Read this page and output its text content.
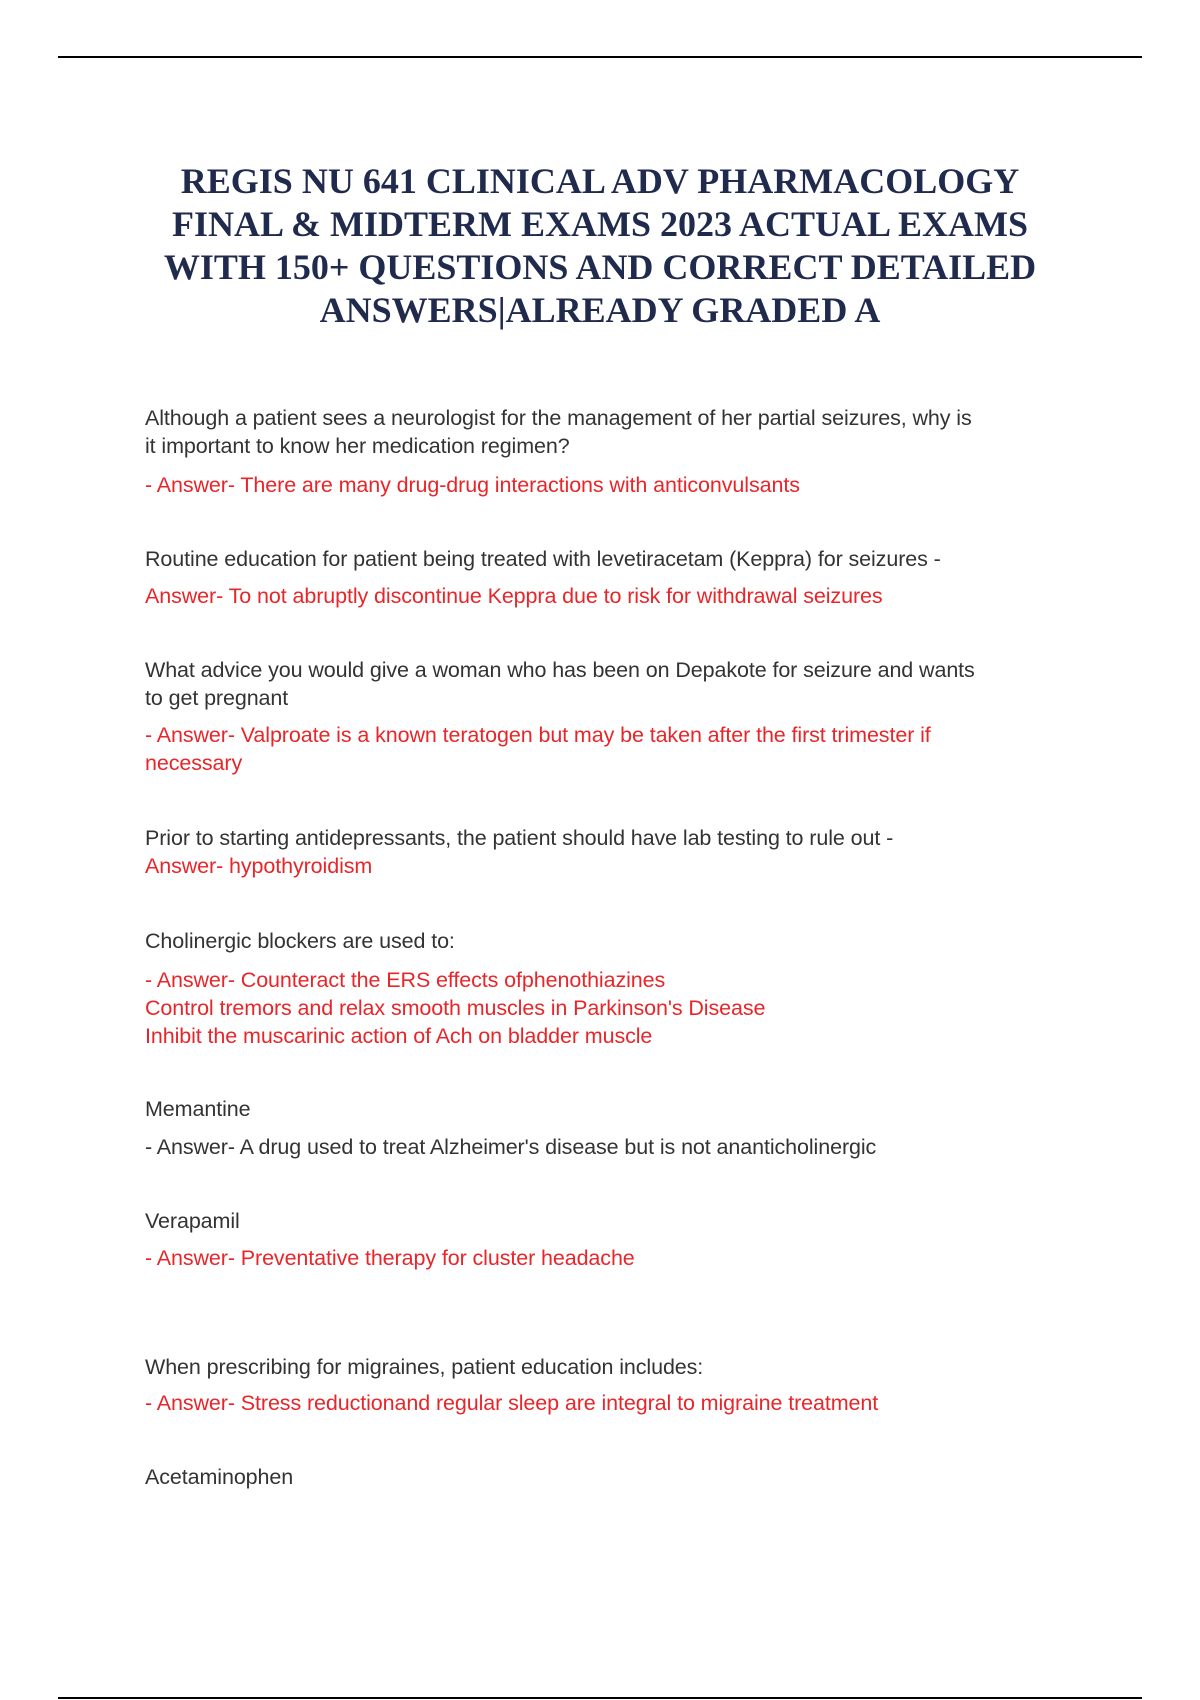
REGIS NU 641 CLINICAL ADV PHARMACOLOGY
FINAL & MIDTERM EXAMS 2023 ACTUAL EXAMS
WITH 150+ QUESTIONS AND CORRECT DETAILED
ANSWERS|ALREADY GRADED A
Although a patient sees a neurologist for the management of her partial seizures, why is
it important to know her medication regimen?
- Answer- There are many drug-drug interactions with anticonvulsants
Routine education for patient being treated with levetiracetam (Keppra) for seizures -
Answer- To not abruptly discontinue Keppra due to risk for withdrawal seizures
What advice you would give a woman who has been on Depakote for seizure and wants
to get pregnant
- Answer- Valproate is a known teratogen but may be taken after the first trimester if
necessary
Prior to starting antidepressants, the patient should have lab testing to rule out -
Answer- hypothyroidism
Cholinergic blockers are used to:
- Answer- Counteract the ERS effects ofphenothiazines
Control tremors and relax smooth muscles in Parkinson's Disease
Inhibit the muscarinic action of Ach on bladder muscle
Memantine
- Answer- A drug used to treat Alzheimer's disease but is not ananticholinergic
Verapamil
- Answer- Preventative therapy for cluster headache
When prescribing for migraines, patient education includes:
- Answer- Stress reductionand regular sleep are integral to migraine treatment
Acetaminophen
